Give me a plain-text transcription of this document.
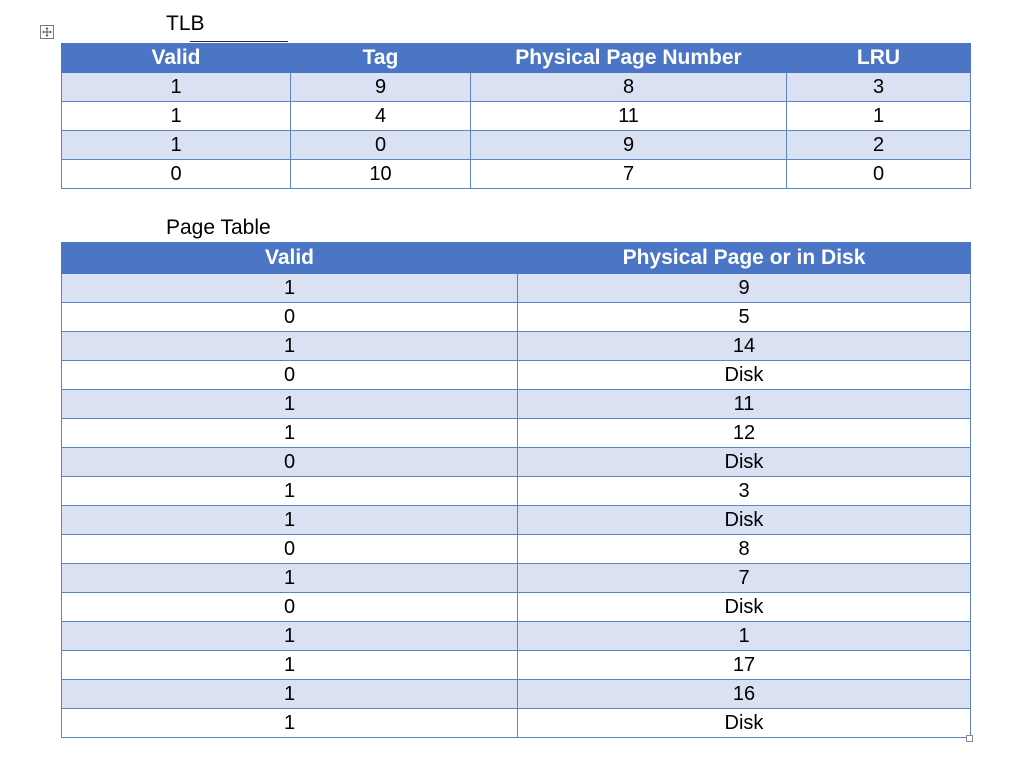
TLB
Valid	Tag	Physical Page Number	LRU
1	9	8	3
1	4	11	1
1	0	9	2
0	10	7	0
Page Table
Valid	Physical Page or in Disk
1	9
0	5
1	14
0	Disk
1	11
1	12
0	Disk
1	3
1	Disk
0	8
1	7
0	Disk
1	1
1	17
1	16
1	Disk
